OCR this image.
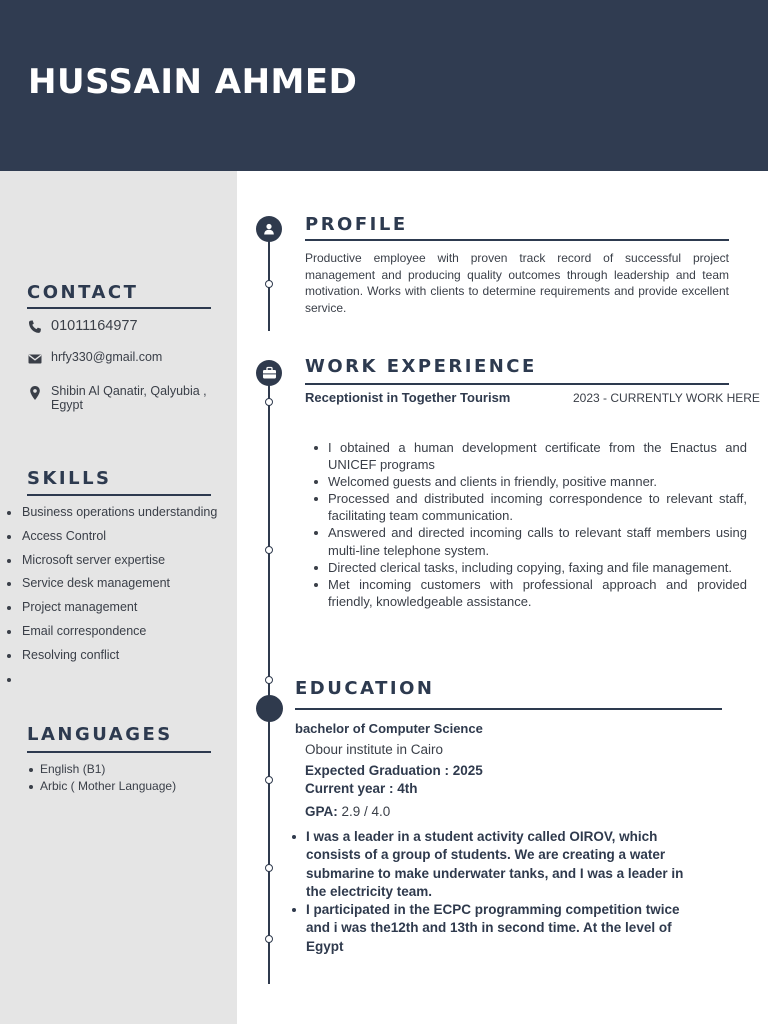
HUSSAIN AHMED
CONTACT
01011164977
hrfy330@gmail.com
Shibin Al Qanatir, Qalyubia , Egypt
SKILLS
Business operations understanding
Access Control
Microsoft server expertise
Service desk management
Project management
Email correspondence
Resolving conflict
LANGUAGES
English (B1)
Arbic ( Mother Language)
PROFILE
Productive employee with proven track record of successful project management and producing quality outcomes through leadership and team motivation. Works with clients to determine requirements and provide excellent service.
WORK EXPERIENCE
Receptionist in Together Tourism	2023 - CURRENTLY WORK HERE
I obtained a human development certificate from the Enactus and UNICEF programs
Welcomed guests and clients in friendly, positive manner.
Processed and distributed incoming correspondence to relevant staff, facilitating team communication.
Answered and directed incoming calls to relevant staff members using multi-line telephone system.
Directed clerical tasks, including copying, faxing and file management.
Met incoming customers with professional approach and provided friendly, knowledgeable assistance.
EDUCATION
bachelor of Computer Science
Obour institute in Cairo
Expected Graduation : 2025
Current year : 4th
GPA: 2.9 / 4.0
I was a leader in a student activity called OIROV, which consists of a group of students. We are creating a water submarine to make underwater tanks, and I was a leader in the electricity team.
I participated in the ECPC programming competition twice and i was the12th and 13th in second time. At the level of Egypt
